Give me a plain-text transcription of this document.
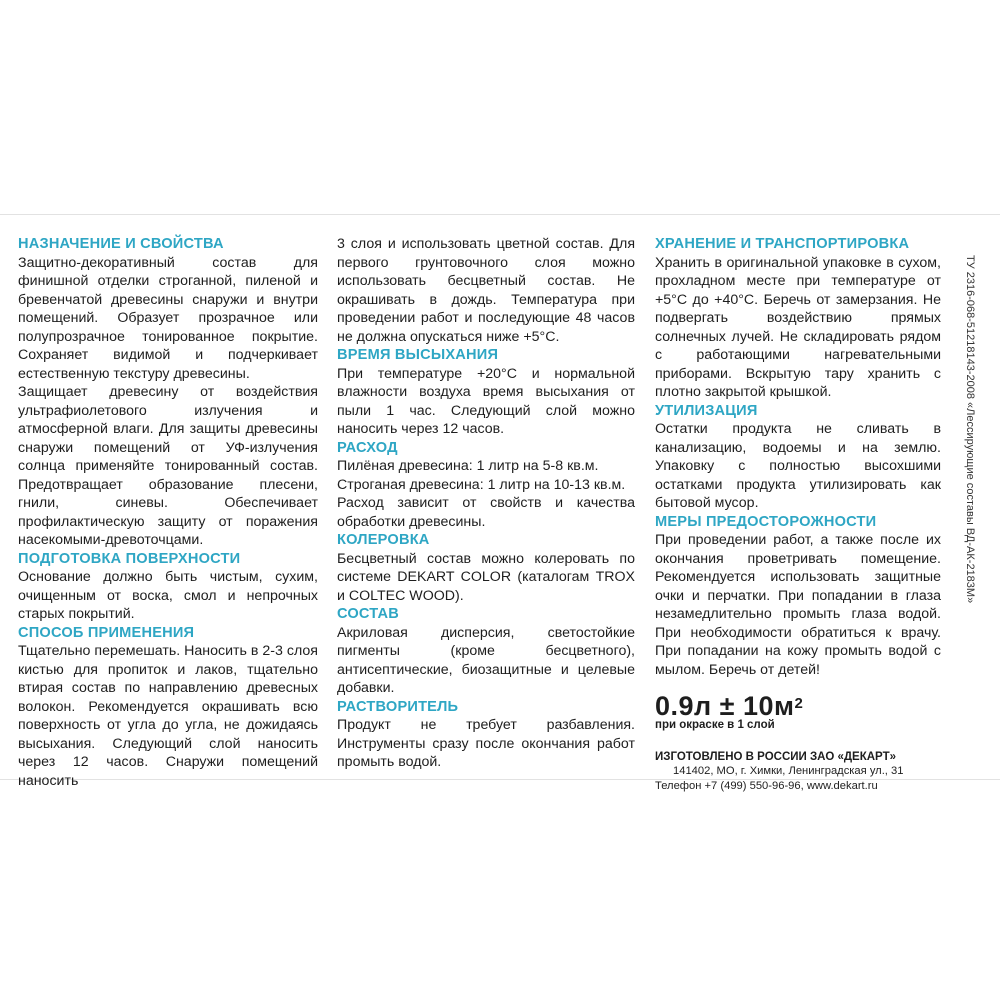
НАЗНАЧЕНИЕ И СВОЙСТВА

Защитно-декоративный состав для финишной отделки строганной, пиленой и бревенчатой древесины снаружи и внутри помещений. Образует прозрачное или полупрозрачное тонированное покрытие. Сохраняет видимой и подчеркивает естественную текстуру древесины.

Защищает древесину от воздействия ультрафиолетового излучения и атмосферной влаги. Для защиты древесины снаружи помещений от УФ-излучения солнца применяйте тонированный состав. Предотвращает образование плесени, гнили, синевы. Обеспечивает профилактическую защиту от поражения насекомыми-древоточцами.

ПОДГОТОВКА ПОВЕРХНОСТИ

Основание должно быть чистым, сухим, очищенным от воска, смол и непрочных старых покрытий.

СПОСОБ ПРИМЕНЕНИЯ

Тщательно перемешать. Наносить в 2-3 слоя кистью для пропиток и лаков, тщательно втирая состав по направлению древесных волокон. Рекомендуется окрашивать всю поверхность от угла до угла, не дожидаясь высыхания. Следующий слой наносить через 12 часов. Снаружи помещений наносить

3 слоя и использовать цветной состав. Для первого грунтовочного слоя можно использовать бесцветный состав. Не окрашивать в дождь. Температура при проведении работ и последующие 48 часов не должна опускаться ниже +5°С.

ВРЕМЯ ВЫСЫХАНИЯ

При температуре +20°С и нормальной влажности воздуха время высыхания от пыли 1 час. Следующий слой можно наносить через 12 часов.

РАСХОД

Пилёная древесина: 1 литр на 5-8 кв.м.

Строганая древесина: 1 литр на 10-13 кв.м.

Расход зависит от свойств и качества обработки древесины.

КОЛЕРОВКА

Бесцветный состав можно колеровать по системе DEKART COLOR (каталогам TROX и COLTEC WOOD).

СОСТАВ

Акриловая дисперсия, светостойкие пигменты (кроме бесцветного), антисептические, биозащитные и целевые добавки.

РАСТВОРИТЕЛЬ

Продукт не требует разбавления. Инструменты сразу после окончания работ промыть водой.

ХРАНЕНИЕ И ТРАНСПОРТИРОВКА

Хранить в оригинальной упаковке в сухом, прохладном месте при температуре от +5°С до +40°С. Беречь от замерзания. Не подвергать воздействию прямых солнечных лучей. Не складировать рядом с работающими нагревательными приборами. Вскрытую тару хранить с плотно закрытой крышкой.

УТИЛИЗАЦИЯ

Остатки продукта не сливать в канализацию, водоемы и на землю. Упаковку с полностью высохшими остатками продукта утилизировать как бытовой мусор.

МЕРЫ ПРЕДОСТОРОЖНОСТИ

При проведении работ, а также после их окончания проветривать помещение. Рекомендуется использовать защитные очки и перчатки. При попадании в глаза незамедлительно промыть глаза водой. При необходимости обратиться к врачу. При попадании на кожу промыть водой с мылом. Беречь от детей!

$0.9л \pm 10м^2$
при окраске в 1 слой
ИЗГОТОВЛЕНО В РОССИИ ЗАО «ДЕКАРТ»
141402, МО, г. Химки, Ленинградская ул., 31
Телефон +7 (499) 550-96-96, www.dekart.ru
ТУ 2316-068-51218143-2008 «Лессирующие составы ВД-АК-2183М»
